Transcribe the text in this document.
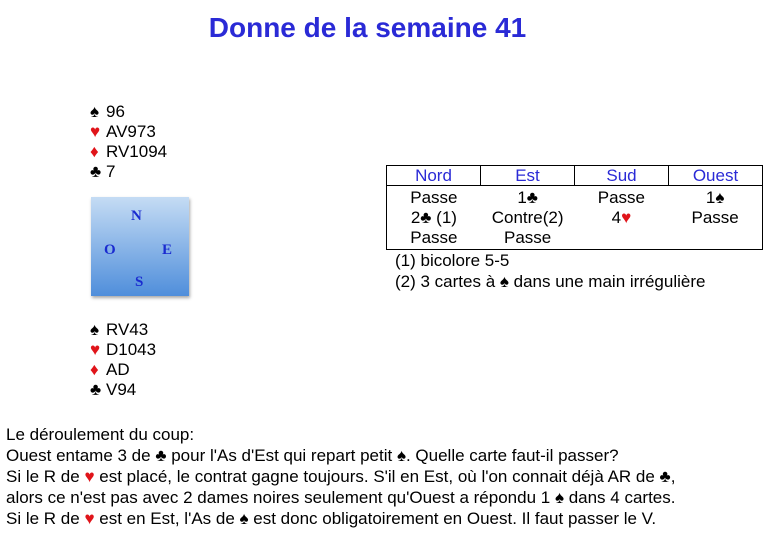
Donne de la semaine 41
♠ 96
♥ AV973
♦ RV1094
♣ 7
N
O	E
S
♠ RV43
♥ D1043
♦ AD
♣ V94
Nord	Est	Sud	Ouest
Passe	1♣	Passe	1♠
2♣ (1)	Contre(2)	4♥	Passe
Passe	Passe
(1) bicolore 5-5
(2) 3 cartes à ♠ dans une main irrégulière
Le déroulement du coup:
Ouest entame 3 de ♣ pour l'As d'Est qui repart petit ♠. Quelle carte faut-il passer?
Si le R de ♥ est placé, le contrat gagne toujours. S'il en Est, où l'on connait déjà AR de ♣,
alors ce n'est pas avec 2 dames noires seulement qu'Ouest a répondu 1 ♠ dans 4 cartes.
Si le R de ♥ est en Est, l'As de ♠ est donc obligatoirement en Ouest. Il faut passer le V.
